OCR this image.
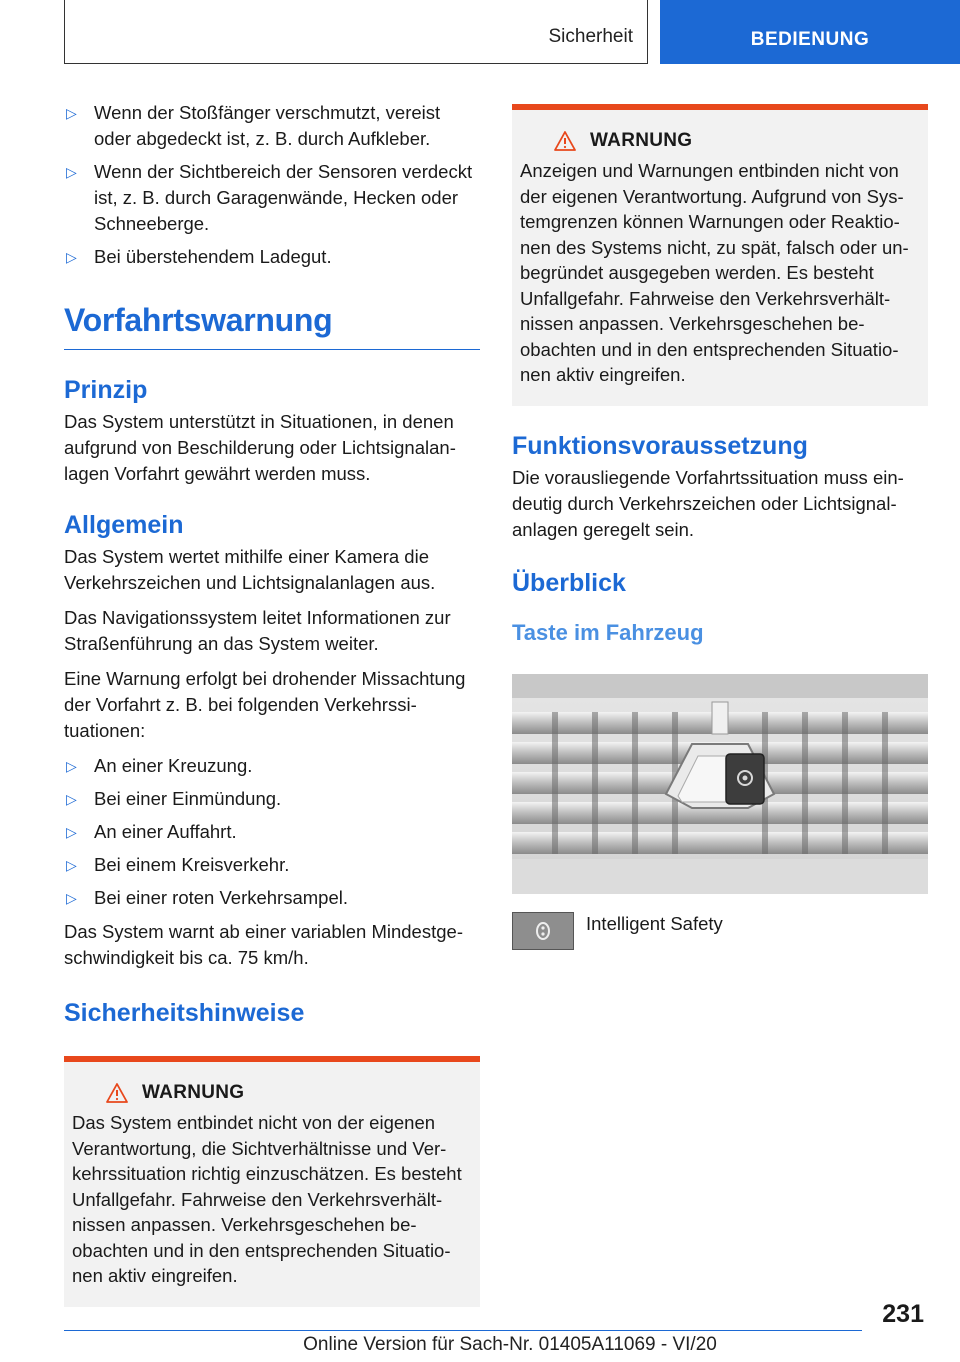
Sicherheit	BEDIENUNG
▷ Wenn der Stoßfänger verschmutzt, vereist oder abgedeckt ist, z. B. durch Aufkleber.
▷ Wenn der Sichtbereich der Sensoren verdeckt ist, z. B. durch Garagenwände, Hecken oder Schneeberge.
▷ Bei überstehendem Ladegut.
Vorfahrtswarnung
Prinzip

Das System unterstützt in Situationen, in denen aufgrund von Beschilderung oder Lichtsignalanlagen Vorfahrt gewährt werden muss.

Allgemein

Das System wertet mithilfe einer Kamera die Verkehrszeichen und Lichtsignalanlagen aus.

Das Navigationssystem leitet Informationen zur Straßenführung an das System weiter.

Eine Warnung erfolgt bei drohender Missachtung der Vorfahrt z. B. bei folgenden Verkehrssituationen:

▷ An einer Kreuzung.
▷ Bei einer Einmündung.
▷ An einer Auffahrt.
▷ Bei einem Kreisverkehr.
▷ Bei einer roten Verkehrsampel.

Das System warnt ab einer variablen Mindestgeschwindigkeit bis ca. 75 km/h.

Sicherheitshinweise
WARNUNG

Das System entbindet nicht von der eigenen Verantwortung, die Sichtverhältnisse und Verkehrssituation richtig einzuschätzen. Es besteht Unfallgefahr. Fahrweise den Verkehrsverhältnissen anpassen. Verkehrsgeschehen beobachten und in den entsprechenden Situationen aktiv eingreifen.

WARNUNG

Anzeigen und Warnungen entbinden nicht von der eigenen Verantwortung. Aufgrund von Systemgrenzen können Warnungen oder Reaktionen des Systems nicht, zu spät, falsch oder unbegründet ausgegeben werden. Es besteht Unfallgefahr. Fahrweise den Verkehrsverhältnissen anpassen. Verkehrsgeschehen beobachten und in den entsprechenden Situationen aktiv eingreifen.

Funktionsvoraussetzung

Die vorausliegende Vorfahrtssituation muss eindeutig durch Verkehrszeichen oder Lichtsignalanlagen geregelt sein.

Überblick
Taste im Fahrzeug
Intelligent Safety
231
Online Version für Sach-Nr. 01405A11069 - VI/20
